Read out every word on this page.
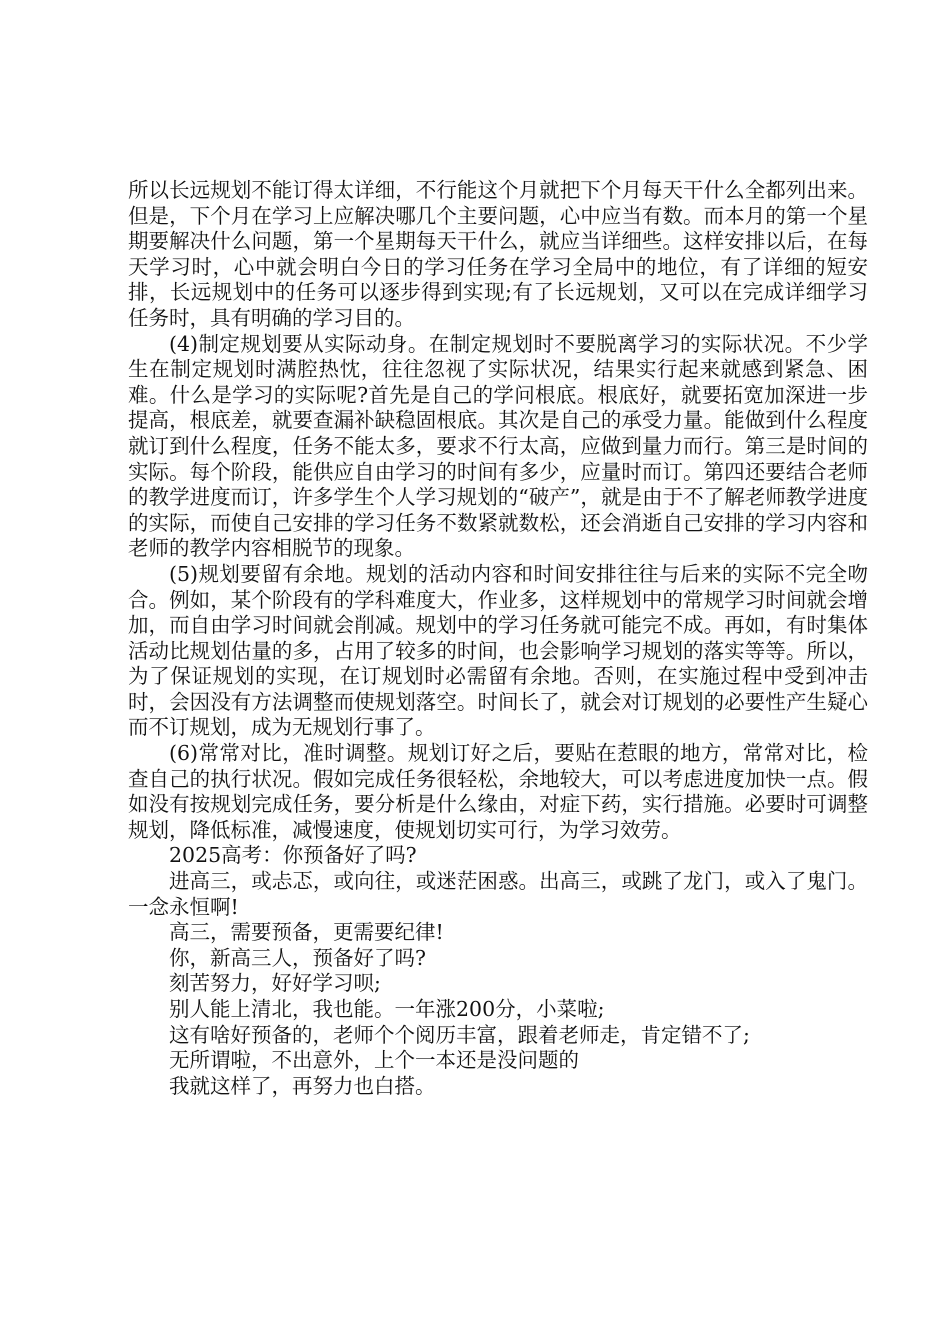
所以长远规划不能订得太详细，不行能这个月就把下个月每天干什么全都列出来。但是，下个月在学习上应解决哪几个主要问题，心中应当有数。而本月的第一个星期要解决什么问题，第一个星期每天干什么，就应当详细些。这样安排以后，在每天学习时，心中就会明白今日的学习任务在学习全局中的地位，有了详细的短安排，长远规划中的任务可以逐步得到实现;有了长远规划，又可以在完成详细学习任务时，具有明确的学习目的。

(4)制定规划要从实际动身。在制定规划时不要脱离学习的实际状况。不少学生在制定规划时满腔热忱，往往忽视了实际状况，结果实行起来就感到紧急、困难。什么是学习的实际呢?首先是自己的学问根底。根底好，就要拓宽加深进一步提高，根底差，就要查漏补缺稳固根底。其次是自己的承受力量。能做到什么程度就订到什么程度，任务不能太多，要求不行太高，应做到量力而行。第三是时间的实际。每个阶段，能供应自由学习的时间有多少，应量时而订。第四还要结合老师的教学进度而订，许多学生个人学习规划的“破产”，就是由于不了解老师教学进度的实际，而使自己安排的学习任务不数紧就数松，还会消逝自己安排的学习内容和老师的教学内容相脱节的现象。

(5)规划要留有余地。规划的活动内容和时间安排往往与后来的实际不完全吻合。例如，某个阶段有的学科难度大，作业多，这样规划中的常规学习时间就会增加，而自由学习时间就会削减。规划中的学习任务就可能完不成。再如，有时集体活动比规划估量的多，占用了较多的时间，也会影响学习规划的落实等等。所以，为了保证规划的实现，在订规划时必需留有余地。否则，在实施过程中受到冲击时，会因没有方法调整而使规划落空。时间长了，就会对订规划的必要性产生疑心而不订规划，成为无规划行事了。

(6)常常对比，准时调整。规划订好之后，要贴在惹眼的地方，常常对比，检查自己的执行状况。假如完成任务很轻松，余地较大，可以考虑进度加快一点。假如没有按规划完成任务，要分析是什么缘由，对症下药，实行措施。必要时可调整规划，降低标准，减慢速度，使规划切实可行，为学习效劳。

2025高考：你预备好了吗?

进高三，或忐忑，或向往，或迷茫困惑。出高三，或跳了龙门，或入了鬼门。一念永恒啊!

高三，需要预备，更需要纪律!

你，新高三人，预备好了吗?

刻苦努力，好好学习呗;

别人能上清北，我也能。一年涨200分，小菜啦;

这有啥好预备的，老师个个阅历丰富，跟着老师走，肯定错不了;

无所谓啦，不出意外，上个一本还是没问题的

我就这样了，再努力也白搭。
